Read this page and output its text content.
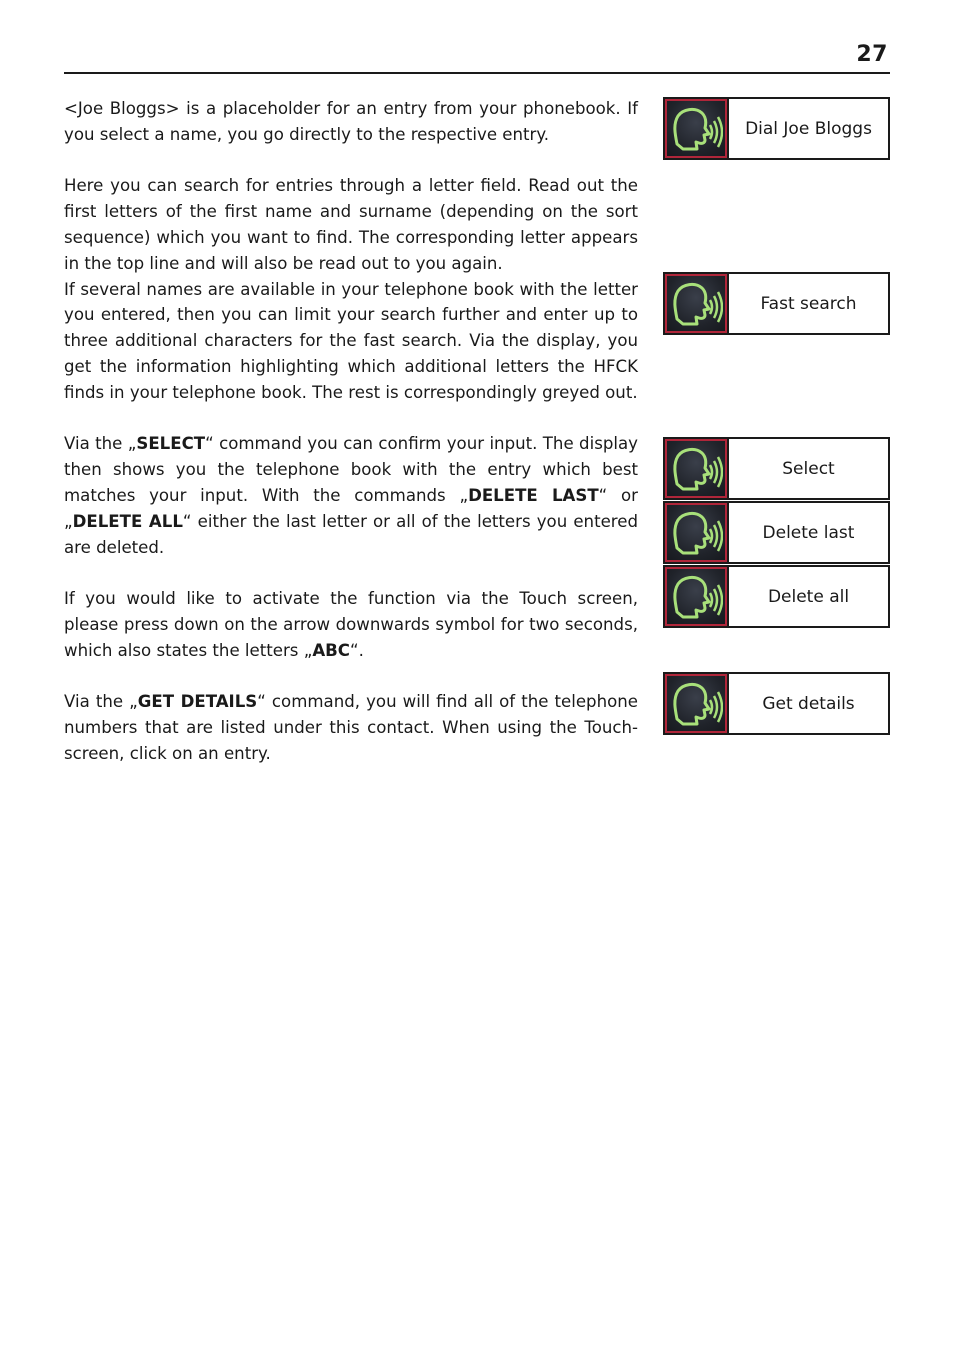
27

<Joe Bloggs> is a placeholder for an entry from your phonebook. If you select a name, you go directly to the respective entry.

Here you can search for entries through a letter field. Read out the first letters of the first name and surname (depending on the sort sequence) which you want to find. The corresponding letter appears in the top line and will also be read out to you again.

If several names are available in your telephone book with the letter you entered, then you can limit your search further and enter up to three additional characters for the fast search. Via the display, you get the information highlighting which additional letters the HFCK finds in your telephone book. The rest is correspondingly greyed out.

Via the „SELECT“ command you can confirm your input. The display then shows you the telephone book with the entry which best matches your input. With the commands „DELETE LAST“ or „DELETE ALL“ either the last letter or all of the letters you entered are deleted.

If you would like to activate the function via the Touch screen, please press down on the arrow downwards symbol for two seconds, which also states the letters „ABC“.

Via the „GET DETAILS“ command, you will find all of the telephone numbers that are listed under this contact. When using the Touch-screen, click on an entry.

Dial Joe Bloggs
Fast search
Select
Delete last
Delete all
Get details
